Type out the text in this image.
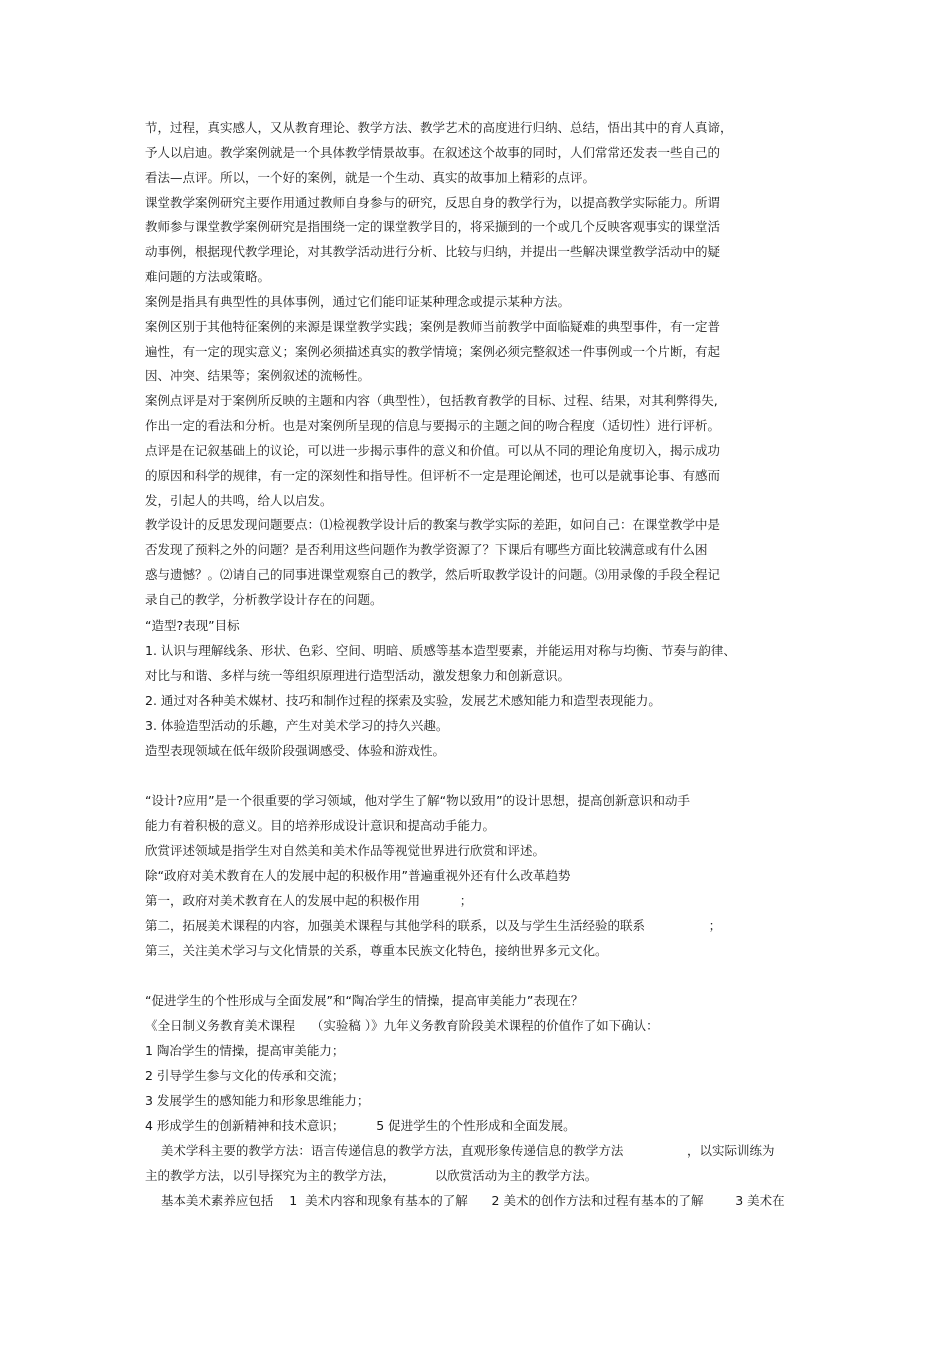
节，过程，真实感人，又从教育理论、教学方法、教学艺术的高度进行归纳、总结，悟出其中的育人真谛，
予人以启迪。教学案例就是一个具体教学情景故事。在叙述这个故事的同时，人们常常还发表一些自己的
看法—点评。所以，一个好的案例，就是一个生动、真实的故事加上精彩的点评。
课堂教学案例研究主要作用通过教师自身参与的研究，反思自身的教学行为，以提高教学实际能力。所谓
教师参与课堂教学案例研究是指围绕一定的课堂教学目的，将采撷到的一个或几个反映客观事实的课堂活
动事例，根据现代教学理论，对其教学活动进行分析、比较与归纳，并提出一些解决课堂教学活动中的疑
难问题的方法或策略。
案例是指具有典型性的具体事例，通过它们能印证某种理念或提示某种方法。
案例区别于其他特征案例的来源是课堂教学实践；案例是教师当前教学中面临疑难的典型事件，有一定普
遍性，有一定的现实意义；案例必须描述真实的教学情境；案例必须完整叙述一件事例或一个片断，有起
因、冲突、结果等；案例叙述的流畅性。
案例点评是对于案例所反映的主题和内容（典型性），包括教育教学的目标、过程、结果，对其利弊得失,
作出一定的看法和分析。也是对案例所呈现的信息与要揭示的主题之间的吻合程度（适切性）进行评析。
点评是在记叙基础上的议论，可以进一步揭示事件的意义和价值。可以从不同的理论角度切入，揭示成功
的原因和科学的规律，有一定的深刻性和指导性。但评析不一定是理论阐述，也可以是就事论事、有感而
发，引起人的共鸣，给人以启发。
教学设计的反思发现问题要点：⑴检视教学设计后的教案与教学实际的差距，如问自己：在课堂教学中是
否发现了预料之外的问题？是否利用这些问题作为教学资源了？下课后有哪些方面比较满意或有什么困
惑与遗憾？。⑵请自己的同事进课堂观察自己的教学，然后听取教学设计的问题。⑶用录像的手段全程记
录自己的教学，分析教学设计存在的问题。
“造型?表现”目标
1. 认识与理解线条、形状、色彩、空间、明暗、质感等基本造型要素，并能运用对称与均衡、节奏与韵律、
对比与和谐、多样与统一等组织原理进行造型活动，激发想象力和创新意识。
2. 通过对各种美术媒材、技巧和制作过程的探索及实验，发展艺术感知能力和造型表现能力。
3. 体验造型活动的乐趣，产生对美术学习的持久兴趣。
造型表现领域在低年级阶段强调感受、体验和游戏性。
“设计?应用”是一个很重要的学习领域，他对学生了解“物以致用”的设计思想，提高创新意识和动手
能力有着积极的意义。目的培养形成设计意识和提高动手能力。
欣赏评述领域是指学生对自然美和美术作品等视觉世界进行欣赏和评述。
除“政府对美术教育在人的发展中起的积极作用”普遍重视外还有什么改革趋势
第一，政府对美术教育在人的发展中起的积极作用          ；
第二，拓展美术课程的内容，加强美术课程与其他学科的联系，以及与学生生活经验的联系                ；
第三，关注美术学习与文化情景的关系，尊重本民族文化特色，接纳世界多元文化。
“促进学生的个性形成与全面发展”和“陶冶学生的情操，提高审美能力”表现在？
《全日制义务教育美术课程    （实验稿 ）》九年义务教育阶段美术课程的价值作了如下确认：
1 陶冶学生的情操，提高审美能力；
2 引导学生参与文化的传承和交流；
3 发展学生的感知能力和形象思维能力；
4 形成学生的创新精神和技术意识；        5 促进学生的个性形成和全面发展。
美术学科主要的教学方法：语言传递信息的教学方法，直观形象传递信息的教学方法                ，以实际训练为
主的教学方法，以引导探究为主的教学方法，          以欣赏活动为主的教学方法。
基本美术素养应包括    1  美术内容和现象有基本的了解      2 美术的创作方法和过程有基本的了解        3 美术在
